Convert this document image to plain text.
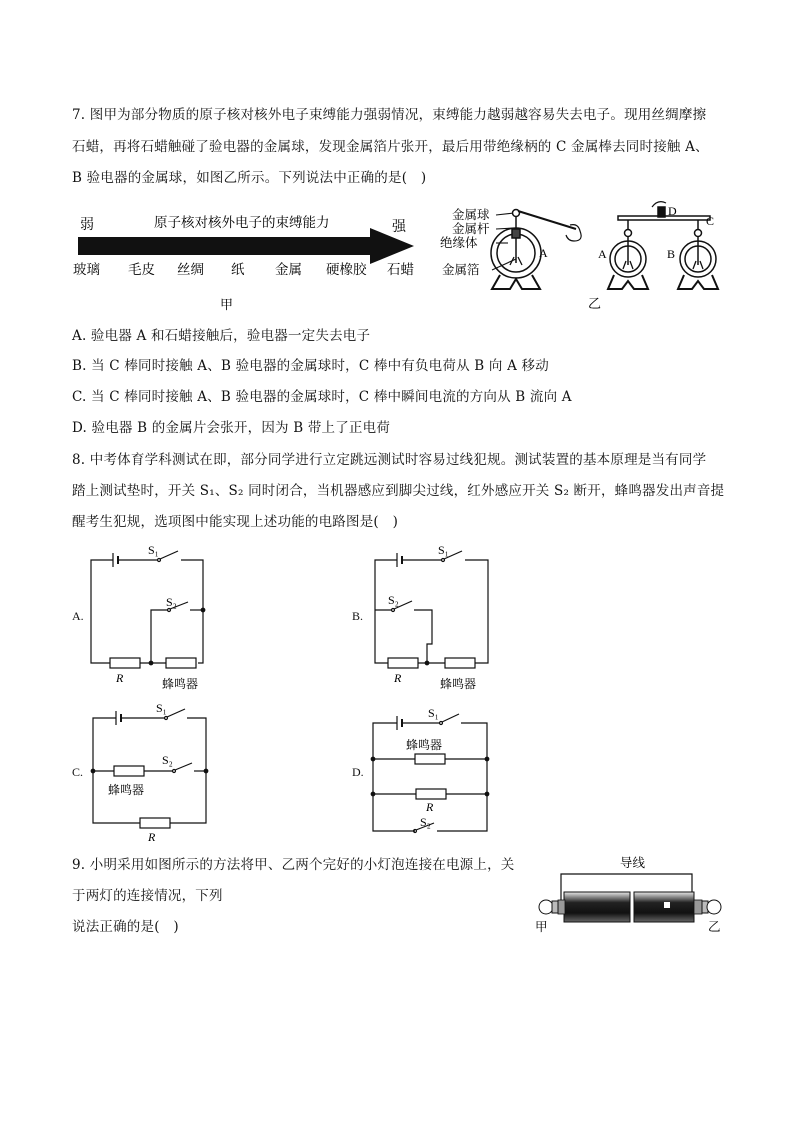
7. 图甲为部分物质的原子核对核外电子束缚能力强弱情况，束缚能力越弱越容易失去电子。现用丝绸摩擦
石蜡，再将石蜡触碰了验电器的金属球，发现金属箔片张开，最后用带绝缘柄的 C 金属棒去同时接触 A、
B 验电器的金属球，如图乙所示。下列说法中正确的是(　)
弱	原子核对核外电子的束缚能力	强
玻璃 毛皮 丝绸 纸 金属 硬橡胶 石蜡
甲
金属球
金属杆
绝缘体
金属箔
A
D
C
A	B
乙
A. 验电器 A 和石蜡接触后，验电器一定失去电子
B. 当 C 棒同时接触 A、B 验电器的金属球时，C 棒中有负电荷从 B 向 A 移动
C. 当 C 棒同时接触 A、B 验电器的金属球时，C 棒中瞬间电流的方向从 B 流向 A
D. 验电器 B 的金属片会张开，因为 B 带上了正电荷
8. 中考体育学科测试在即，部分同学进行立定跳远测试时容易过线犯规。测试装置的基本原理是当有同学
踏上测试垫时，开关 S₁、S₂ 同时闭合，当机器感应到脚尖过线，红外感应开关 S₂ 断开，蜂鸣器发出声音提
醒考生犯规，选项图中能实现上述功能的电路图是(　)
A.
S₁
S₂
R	蜂鸣器
B.
S₁
S₂
R	蜂鸣器
C.
S₁
S₂
蜂鸣器
R
D.
S₁
蜂鸣器
R
S₂
9. 小明采用如图所示的方法将甲、乙两个完好的小灯泡连接在电源上，关
于两灯的连接情况，下列
说法正确的是(　)
导线
甲	乙
